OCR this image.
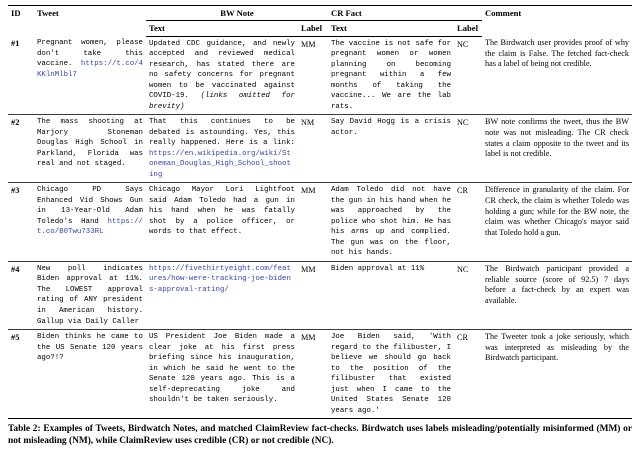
ID	Tweet	BW Note		CR Fact		Comment
		Text	Label	Text	Label	
#1	Pregnant women, please don't take this vaccine. https://t.co/4KKlnMlbl7	Updated CDC guidance, and newly accepted and reviewed medical research, has stated there are no safety concerns for pregnant women to be vaccinated against COVID-19. (links omitted for brevity)	MM	The vaccine is not safe for pregnant women or women planning on becoming pregnant within a few months of taking the vaccine... We are the lab rats.	NC	The Birdwatch user provides proof of why the claim is False. The fetched fact-check has a label of being not credible.
#2	The mass shooting at Marjory Stoneman Douglas High School in Parkland, Florida was real and not staged.	That this continues to be debated is astounding. Yes, this really happened. Here is a link: https://en.wikipedia.org/wiki/Stoneman_Douglas_High_School_shooting	NM	Say David Hogg is a crisis actor.	NC	BW note confirms the tweet, thus the BW note was not misleading. The CR check states a claim opposite to the tweet and its label is not credible.
#3	Chicago PD Says Enhanced Vid Shows Gun in 13-Year-Old Adam Toledo's Hand https://t.co/B0Twu733RL	Chicago Mayor Lori Lightfoot said Adam Toledo had a gun in his hand when he was fatally shot by a police officer, or words to that effect.	MM	Adam Toledo did not have the gun in his hand when he was approached by the police who shot him. He has his arms up and complied. The gun was on the floor, not his hands.	CR	Difference in granularity of the claim. For CR check, the claim is whether Toledo was holding a gun; while for the BW note, the claim was whether Chicago's mayor said that Toledo hold a gun.
#4	New poll indicates Biden approval at 11%. The LOWEST approval rating of ANY president in American history. Gallup via Daily Caller	https://fivethirtyeight.com/features/how-were-tracking-joe-bidens-approval-rating/	MM	Biden approval at 11%	NC	The Birdwatch participant provided a reliable source (score of 92.5) 7 days before a fact-check by an expert was available.
#5	Biden thinks he came to the US Senate 120 years ago?!?	US President Joe Biden made a clear joke at his first press briefing since his inauguration, in which he said he went to the Senate 120 years ago. This is a self-deprecating joke and shouldn't be taken seriously.	MM	Joe Biden said, 'With regard to the filibuster, I believe we should go back to the position of the filibuster that existed just when I came to the United States Senate 120 years ago.'	CR	The Tweeter took a joke seriously, which was interpreted as misleading by the Birdwatch participant.
Table 2: Examples of Tweets, Birdwatch Notes, and matched ClaimReview fact-checks. Birdwatch uses labels misleading/potentially misinformed (MM) or not misleading (NM), while ClaimReview uses credible (CR) or not credible (NC).
